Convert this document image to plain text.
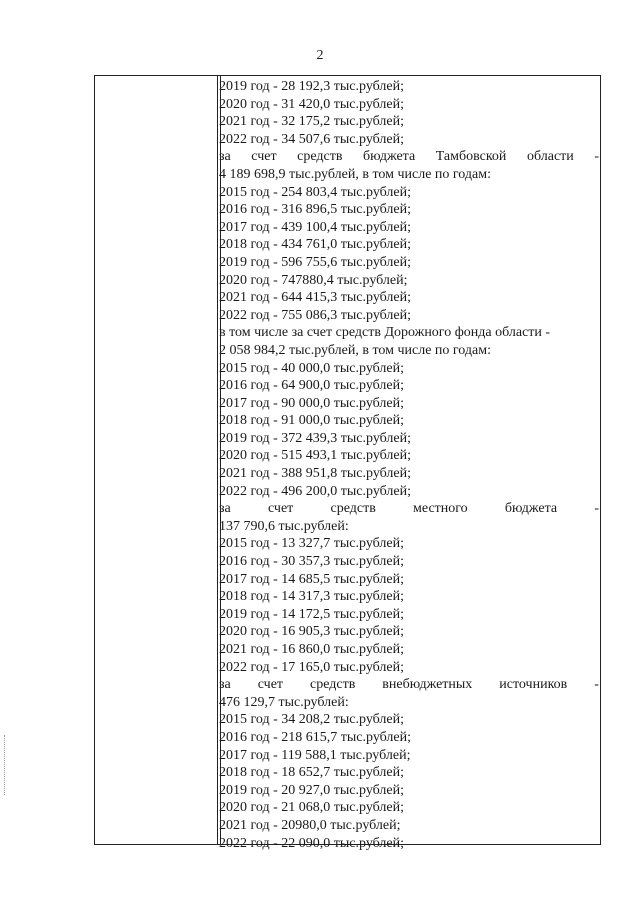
2
2019 год - 28 192,3 тыс.рублей;
2020 год - 31 420,0 тыс.рублей;
2021 год - 32 175,2 тыс.рублей;
2022 год - 34 507,6 тыс.рублей;
за счет средств бюджета Тамбовской области -
4 189 698,9 тыс.рублей, в том числе по годам:
2015 год - 254 803,4 тыс.рублей;
2016 год - 316 896,5 тыс.рублей;
2017 год - 439 100,4 тыс.рублей;
2018 год - 434 761,0 тыс.рублей;
2019 год - 596 755,6 тыс.рублей;
2020 год - 747880,4 тыс.рублей;
2021 год - 644 415,3 тыс.рублей;
2022 год - 755 086,3 тыс.рублей;
в том числе за счет средств Дорожного фонда области -
2 058 984,2 тыс.рублей, в том числе по годам:
2015 год - 40 000,0 тыс.рублей;
2016 год - 64 900,0 тыс.рублей;
2017 год - 90 000,0 тыс.рублей;
2018 год - 91 000,0 тыс.рублей;
2019 год - 372 439,3 тыс.рублей;
2020 год - 515 493,1 тыс.рублей;
2021 год - 388 951,8 тыс.рублей;
2022 год - 496 200,0 тыс.рублей;
за	счет	средств	местного	бюджета	-
137 790,6 тыс.рублей:
2015 год - 13 327,7 тыс.рублей;
2016 год - 30 357,3 тыс.рублей;
2017 год - 14 685,5 тыс.рублей;
2018 год - 14 317,3 тыс.рублей;
2019 год - 14 172,5 тыс.рублей;
2020 год - 16 905,3 тыс.рублей;
2021 год - 16 860,0 тыс.рублей;
2022 год - 17 165,0 тыс.рублей;
за счет средств внебюджетных источников -
476 129,7 тыс.рублей:
2015 год - 34 208,2 тыс.рублей;
2016 год - 218 615,7 тыс.рублей;
2017 год - 119 588,1 тыс.рублей;
2018 год - 18 652,7 тыс.рублей;
2019 год - 20 927,0 тыс.рублей;
2020 год - 21 068,0 тыс.рублей;
2021 год - 20980,0 тыс.рублей;
2022 год - 22 090,0 тыс.рублей;
